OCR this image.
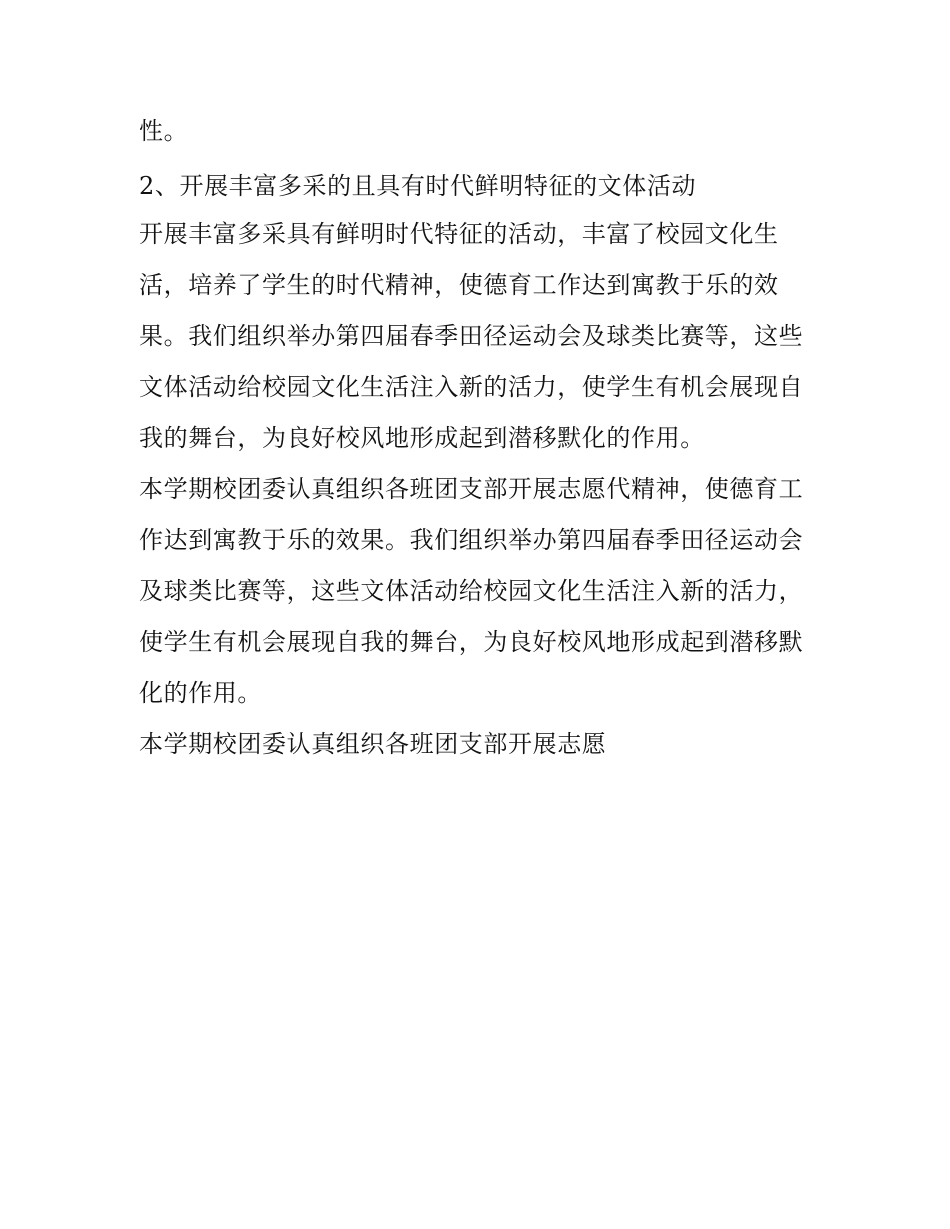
性。

2、开展丰富多采的且具有时代鲜明特征的文体活动

开展丰富多采具有鲜明时代特征的活动，丰富了校园文化生
活，培养了学生的时代精神，使德育工作达到寓教于乐的效
果。我们组织举办第四届春季田径运动会及球类比赛等，这些
文体活动给校园文化生活注入新的活力，使学生有机会展现自
我的舞台，为良好校风地形成起到潜移默化的作用。

本学期校团委认真组织各班团支部开展志愿代精神，使德育工
作达到寓教于乐的效果。我们组织举办第四届春季田径运动会
及球类比赛等，这些文体活动给校园文化生活注入新的活力，
使学生有机会展现自我的舞台，为良好校风地形成起到潜移默
化的作用。

本学期校团委认真组织各班团支部开展志愿
